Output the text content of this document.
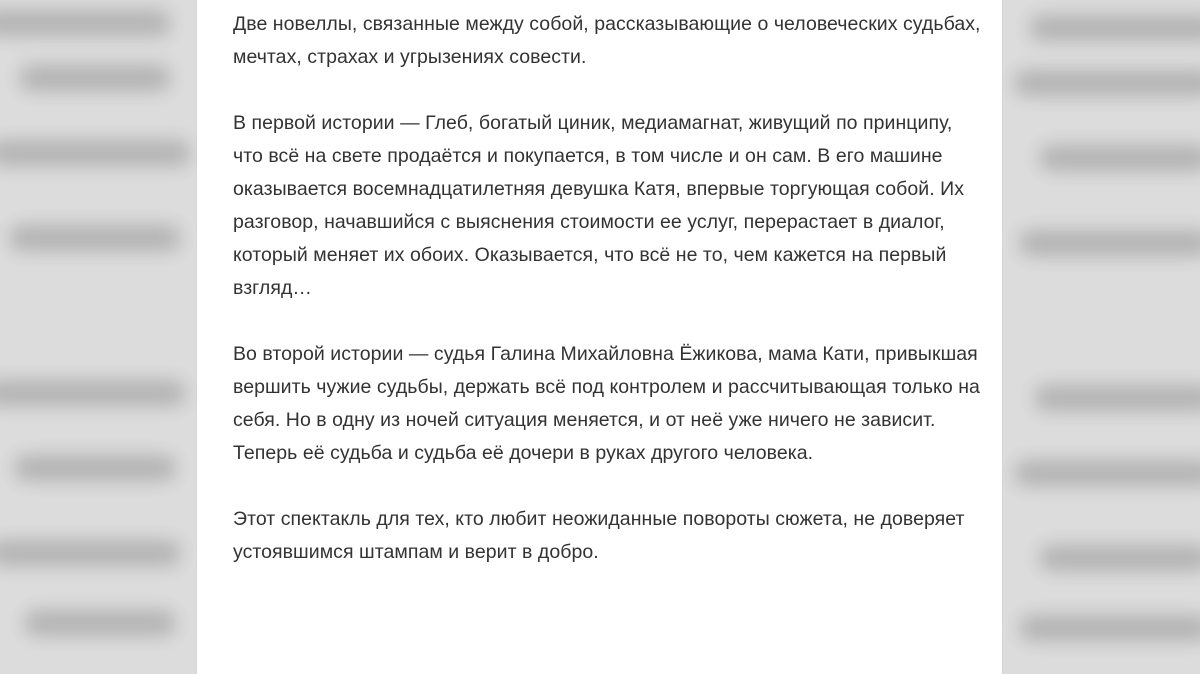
Две новеллы, связанные между собой, рассказывающие о человеческих судьбах, мечтах, страхах и угрызениях совести.

В первой истории — Глеб, богатый циник, медиамагнат, живущий по принципу, что всё на свете продаётся и покупается, в том числе и он сам. В его машине оказывается восемнадцатилетняя девушка Катя, впервые торгующая собой. Их разговор, начавшийся с выяснения стоимости ее услуг, перерастает в диалог, который меняет их обоих. Оказывается, что всё не то, чем кажется на первый взгляд…

Во второй истории — судья Галина Михайловна Ёжикова, мама Кати, привыкшая вершить чужие судьбы, держать всё под контролем и рассчитывающая только на себя. Но в одну из ночей ситуация меняется, и от неё уже ничего не зависит. Теперь её судьба и судьба её дочери в руках другого человека.

Этот спектакль для тех, кто любит неожиданные повороты сюжета, не доверяет устоявшимся штампам и верит в добро.
